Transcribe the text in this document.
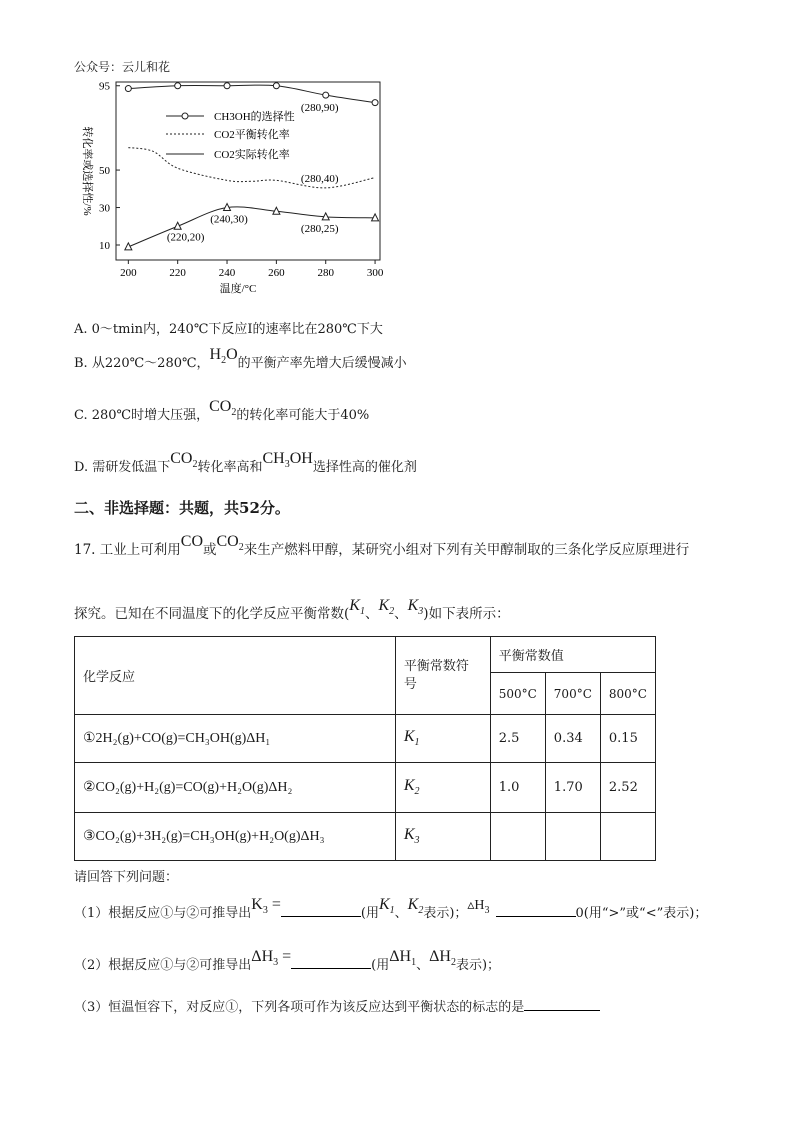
公众号：云儿和花
200	220	240	260	280	300
10
30
50
95
温度/°C
转化率或选择性/%
(280,90)
(280,40)
(240,30)
(220,20)
(280,25)
CH3OH的选择性
CO2平衡转化率
CO2实际转化率
A. 0～tmin内，240℃下反应Ⅰ的速率比在280℃下大
B. 从220℃～280℃，$H_2O$的平衡产率先增大后缓慢减小
C. 280℃时增大压强，$CO_2$的转化率可能大于40%
D. 需研发低温下$CO_2$转化率高和$CH_3OH$选择性高的催化剂
二、非选择题：共题，共52分。
17. 工业上可利用CO或$CO_2$来生产燃料甲醇，某研究小组对下列有关甲醇制取的三条化学反应原理进行
探究。已知在不同温度下的化学反应平衡常数($K_1$、$K_2$、$K_3$)如下表所示：
化学反应	平衡常数符号	平衡常数值		
		500°C	700°C	800°C
①2H₂(g)+CO(g)=CH₃OH(g)ΔH₁	$K_1$	2.5	0.34	0.15
②CO₂(g)+H₂(g)=CO(g)+H₂O(g)ΔH₂	$K_2$	1.0	1.70	2.52
③CO₂(g)+3H₂(g)=CH₃OH(g)+H₂O(g)ΔH₃	$K_3$			
请回答下列问题：
（1）根据反应①与②可推导出$K_3$ =(用$K_1$、$K_2$表示)；$▵H_3$	0(用“>”或“<”表示)；
（2）根据反应①与②可推导出$\Delta H_3$ =(用$\Delta H_1$、$\Delta H_2$表示)；
（3）恒温恒容下，对反应①，下列各项可作为该反应达到平衡状态的标志的是
